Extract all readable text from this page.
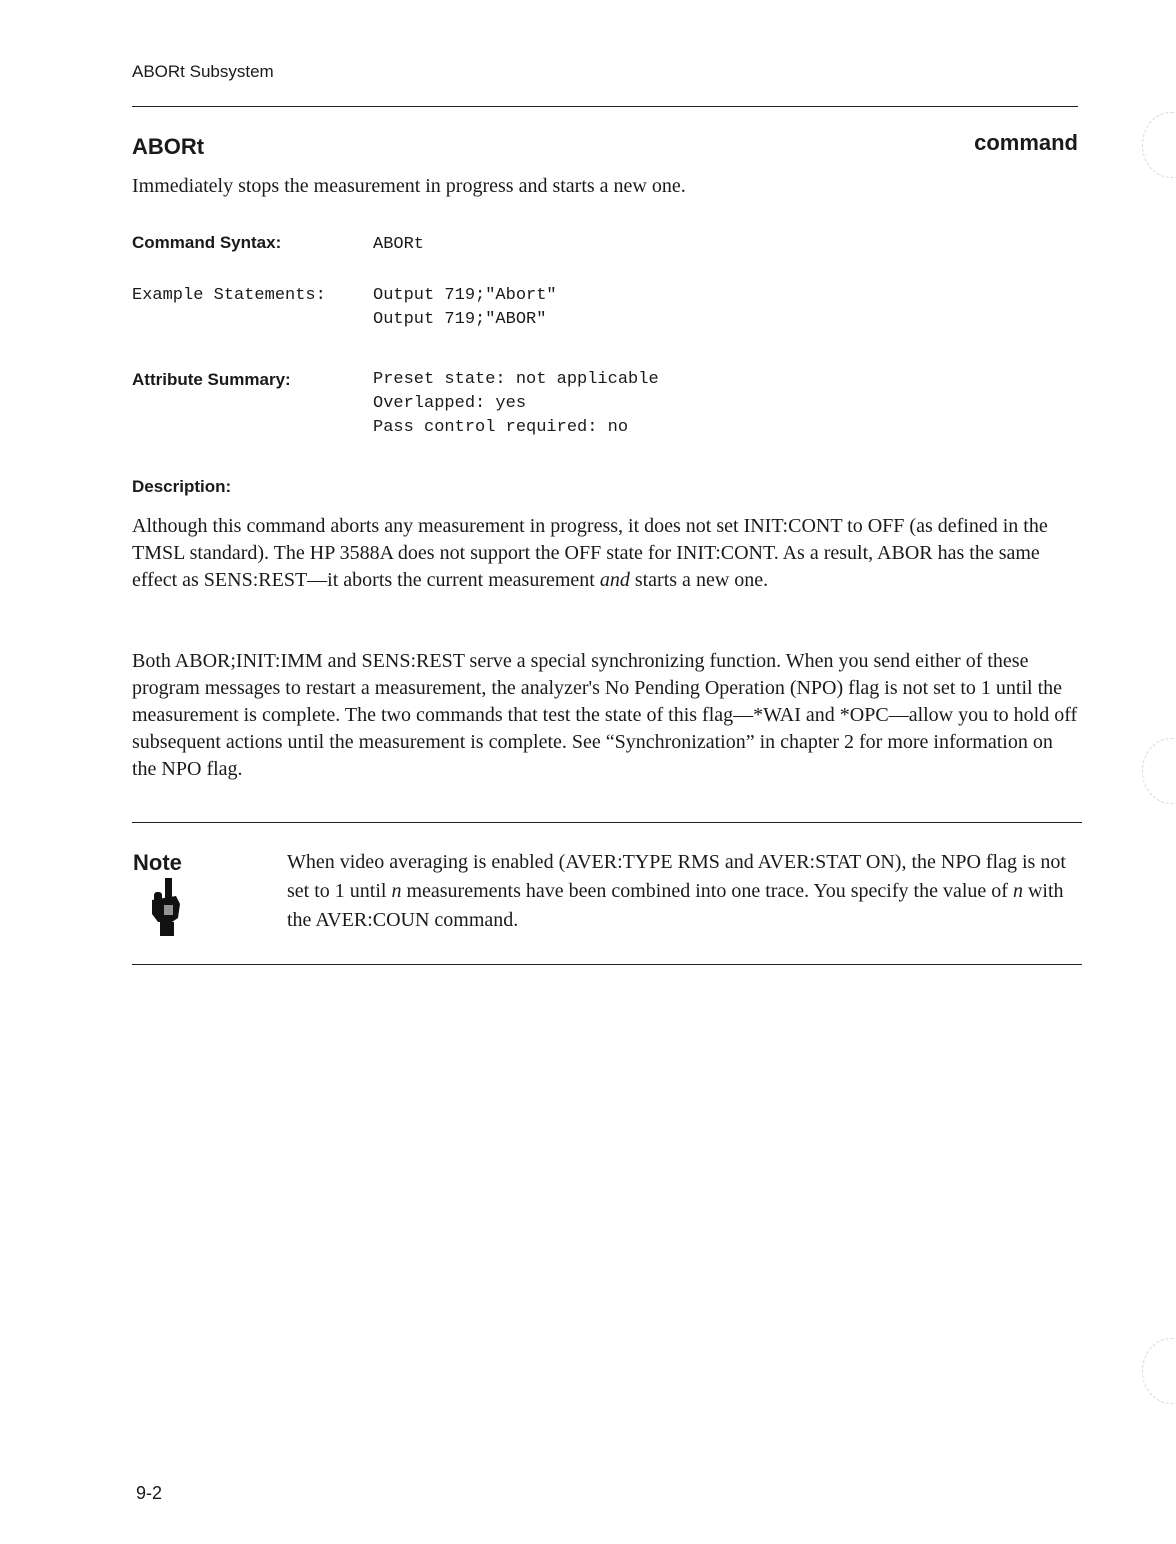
ABORt Subsystem
ABORt	command
Immediately stops the measurement in progress and starts a new one.
Command Syntax:	ABORt
Example Statements:	Output 719;"Abort"
Output 719;"ABOR"
Attribute Summary:	Preset state: not applicable
Overlapped: yes
Pass control required: no
Description:
Although this command aborts any measurement in progress, it does not set INIT:CONT to OFF (as defined in the TMSL standard). The HP 3588A does not support the OFF state for INIT:CONT. As a result, ABOR has the same effect as SENS:REST—it aborts the current measurement and starts a new one.
Both ABOR;INIT:IMM and SENS:REST serve a special synchronizing function. When you send either of these program messages to restart a measurement, the analyzer's No Pending Operation (NPO) flag is not set to 1 until the measurement is complete. The two commands that test the state of this flag—*WAI and *OPC—allow you to hold off subsequent actions until the measurement is complete. See “Synchronization” in chapter 2 for more information on the NPO flag.
Note	When video averaging is enabled (AVER:TYPE RMS and AVER:STAT ON), the NPO flag is not set to 1 until n measurements have been combined into one trace. You specify the value of n with the AVER:COUN command.
9-2
